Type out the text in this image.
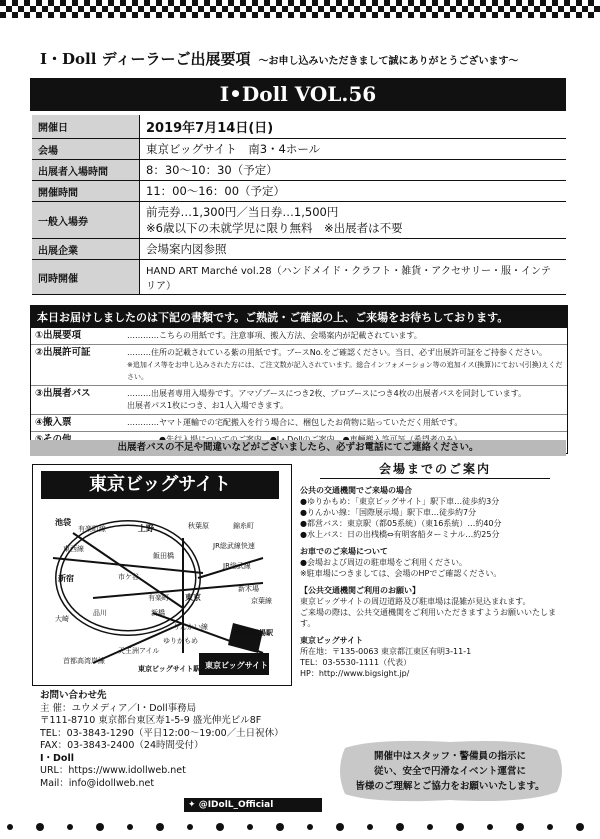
I・Doll ディーラーご出展要項 〜お申し込みいただきまして誠にありがとうございます〜
I•Doll VOL.56
開催日	2019年7月14日(日)
会場	東京ビッグサイト　南3・4ホール
出展者入場時間	8：30〜10：30（予定）
開催時間	11：00〜16：00（予定）
一般入場券	前売券…1,300円／当日券…1,500円
※6歳以下の未就学児に限り無料　※出展者は不要

出展企業	会場案内図参照
同時開催	HAND ART Marché vol.28（ハンドメイド・クラフト・雑貨・アクセサリー・服・インテリア）
本日お届けしましたのは下記の書類です。ご熟読・ご確認の上、ご来場をお待ちしております。
①出展要項	…………こちらの用紙です。注意事項、搬入方法、会場案内が記載されています。
②出展許可証	………住所の記載されている紫の用紙です。ブースNo.をご確認ください。当日、必ず出展許可証をご持参ください。
※追加イス等をお申し込みされた方には、ご注文数が記入されています。総合インフォメーション等の追加イス(換算)にておい(引換)えください。
③出展者パス	………出展者専用入場券です。アマゾブースにつき2枚、プロブースにつき4枚の出展者パスを同封しています。
出展者パス1枚につき、お1人入場できます。
④搬入票	…………ヤマト運輸での宅配搬入を行う場合に、梱包したお荷物に貼っていただく用紙です。
出展者パスの不足や間違いなどがございましたら、必ずお電話にてご連絡ください。
東京ビッグサイト
池袋
有楽町線
東西線
上野	秋葉原	錦糸町
JR総武線快速
飯田橋
JR総武線
新宿	市ケ谷
有楽町 東京
新木場
京葉線
大崎
品川	新橋
りんかい線
国際展示場駅
ゆりかもめ
天王洲アイル
首都高湾岸線
東京ビッグサイト駅 東京ビッグサイト
会場までのご案内

公共の交通機関でご来場の場合

●ゆりかもめ：「東京ビッグサイト」駅下車…徒歩約3分

●りんかい線：「国際展示場」駅下車…徒歩約7分

●都営バス：東京駅（都05系統）（東16系統）…約40分

●水上バス：日の出桟橋⇔有明客船ターミナル…約25分

お車でのご来場について

●会場および周辺の駐車場をご利用ください。

※駐車場につきましては、会場のHPでご確認ください。

【公共交通機関ご利用のお願い】

東京ビッグサイトの周辺道路及び駐車場は混雑が見込まれます。

ご来場の際は、公共交通機関をご利用いただきますようお願いいたします。

東京ビッグサイト

所在地：〒135-0063 東京都江東区有明3-11-1

TEL：03-5530-1111（代表）

HP：http://www.bigsight.jp/

お問い合わせ先

主 催：ユウメディア／I・Doll事務局

〒111-8710 東京都台東区寿1-5-9 盛光伸光ビル8F

TEL：03-3843-1290（平日12:00〜19:00／土日祝休）

FAX：03-3843-2400（24時間受付）

I・Doll

URL：https://www.idollweb.net

Mail：info@idollweb.net

✦ @IDolL_Official
開催中はスタッフ・警備員の指示に
従い、安全で円滑なイベント運営に
皆様のご理解とご協力をお願いいたします。
